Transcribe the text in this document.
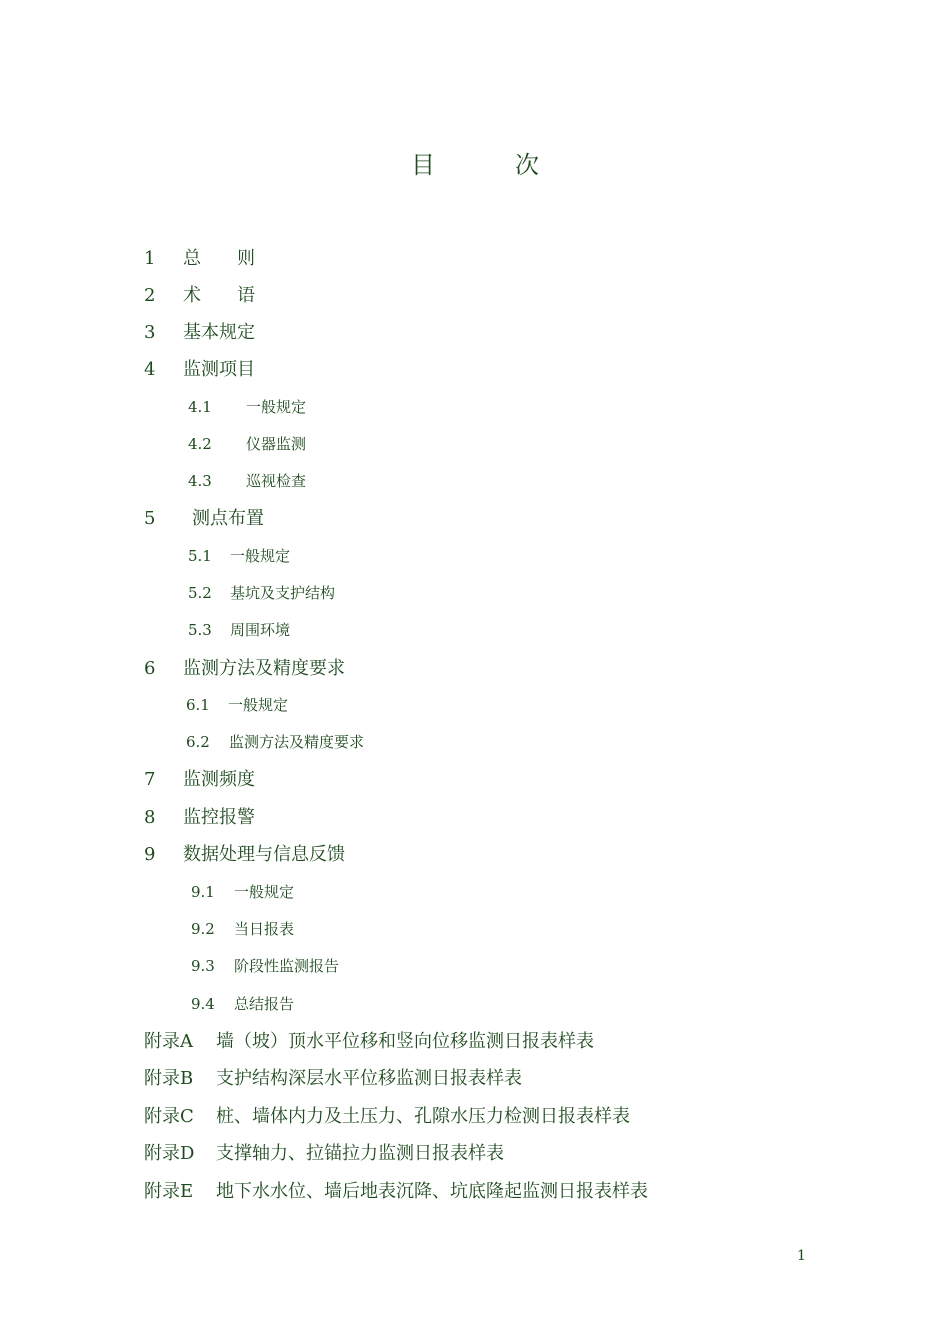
目	次
1 总　　则
2 术　　语
3 基本规定
4 监测项目
4.1 一般规定
4.2 仪器监测
4.3 巡视检查
5 测点布置
5.1 一般规定
5.2 基坑及支护结构
5.3 周围环境
6 监测方法及精度要求
6.1 一般规定
6.2 监测方法及精度要求
7 监测频度
8 监控报警
9 数据处理与信息反馈
9.1 一般规定
9.2 当日报表
9.3 阶段性监测报告
9.4 总结报告
附录A 墙（坡）顶水平位移和竖向位移监测日报表样表
附录B 支护结构深层水平位移监测日报表样表
附录C 桩、墙体内力及土压力、孔隙水压力检测日报表样表
附录D 支撑轴力、拉锚拉力监测日报表样表
附录E 地下水水位、墙后地表沉降、坑底隆起监测日报表样表
1
